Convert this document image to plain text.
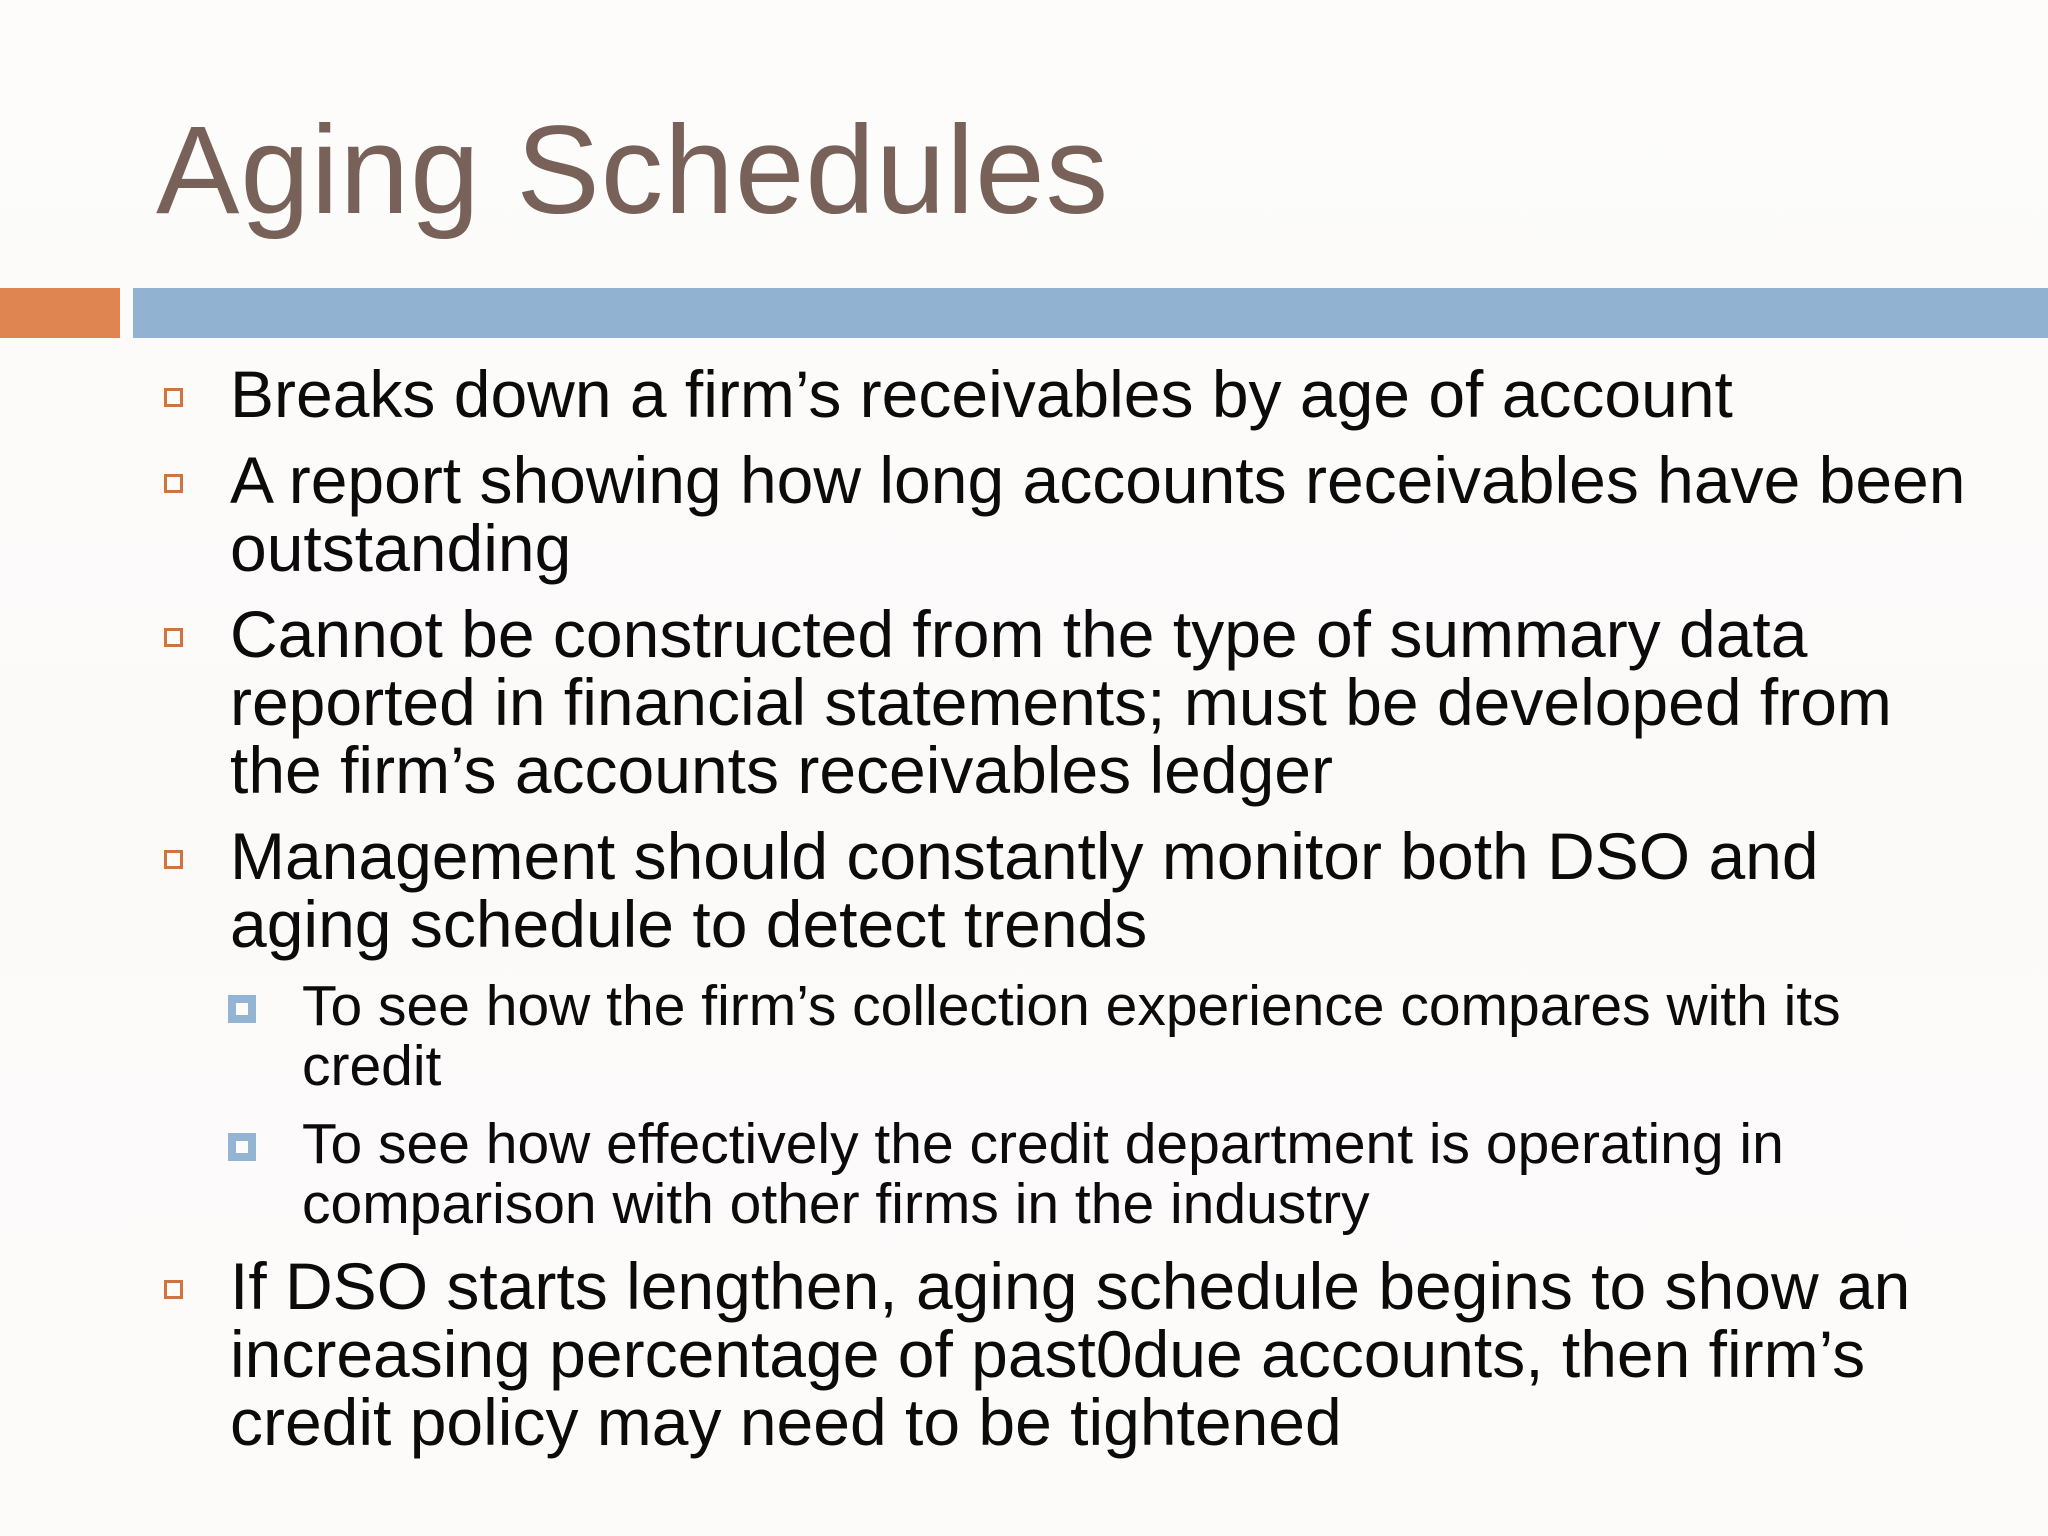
Aging Schedules
Breaks down a firm’s receivables by age of account
A report showing how long accounts receivables have been outstanding
Cannot be constructed from the type of summary data reported in financial statements; must be developed from the firm’s accounts receivables ledger
Management should constantly monitor both DSO and aging schedule to detect trends
To see how the firm’s collection experience compares with its credit
To see how effectively the credit department is operating in comparison with other firms in the industry
If DSO starts lengthen, aging schedule begins to show an increasing percentage of past0due accounts, then firm’s credit policy may need to be tightened
